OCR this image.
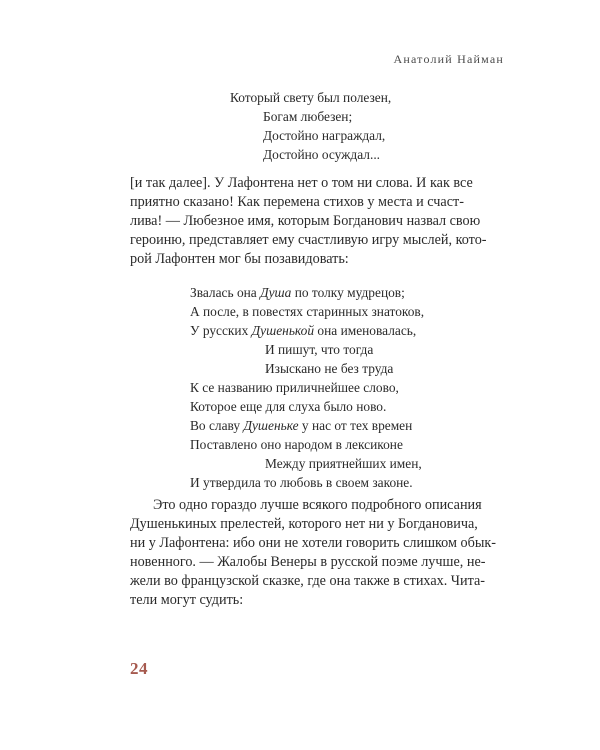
Анатолий Найман
Который свету был полезен,
Богам любезен;
Достойно награждал,
Достойно осуждал...
[и так далее]. У Лафонтена нет о том ни слова. И как все
приятно сказано! Как перемена стихов у места и счаст-
лива! — Любезное имя, которым Богданович назвал свою
героиню, представляет ему счастливую игру мыслей, кото-
рой Лафонтен мог бы позавидовать:
Звалась она Душа по толку мудрецов;
А после, в повестях старинных знатоков,
У русских Душенькой она именовалась,
И пишут, что тогда
Изыскано не без труда
К се названию приличнейшее слово,
Которое еще для слуха было ново.
Во славу Душеньке у нас от тех времен
Поставлено оно народом в лексиконе
Между приятнейших имен,
И утвердила то любовь в своем законе.
Это одно гораздо лучше всякого подробного описания
Душенькиных прелестей, которого нет ни у Богдановича,
ни у Лафонтена: ибо они не хотели говорить слишком обык-
новенного. — Жалобы Венеры в русской поэме лучше, не-
жели во французской сказке, где она также в стихах. Чита-
тели могут судить:
24
